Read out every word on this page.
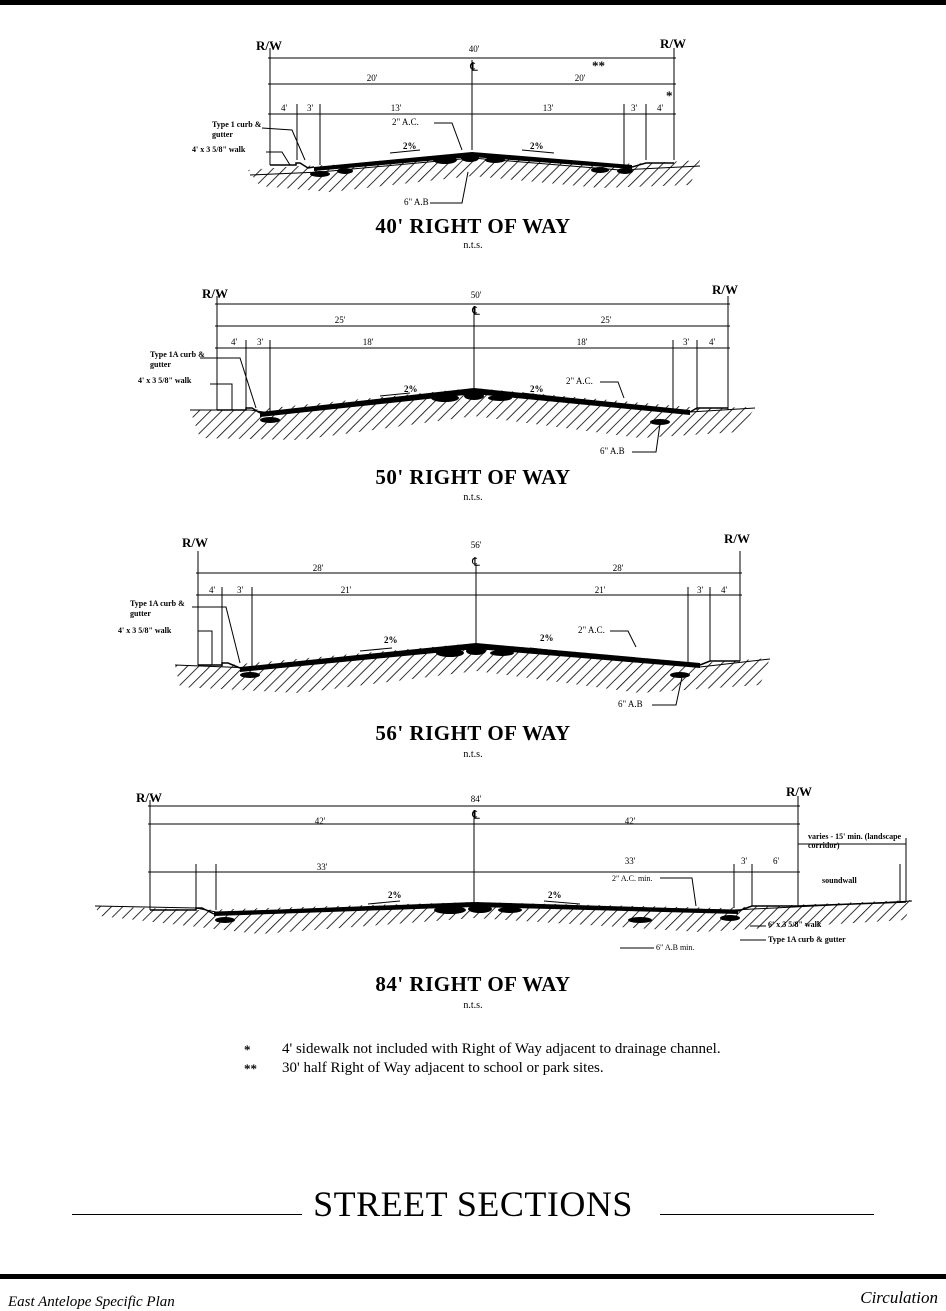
R/W	R/W
40'
20'	20'
℄	**
*
4' 3'	13'	13'	3' 4'
Type 1 curb & gutter
4' x 3 5/8" walk
2" A.C.
6" A.B
2%	2%
40' RIGHT OF WAY
n.t.s.
R/W	R/W
50'
℄
25'	25'
4' 3'	18'	18'	3' 4'
Type 1A curb & gutter
4' x 3 5/8" walk	2" A.C.
6" A.B
2%	2%
50' RIGHT OF WAY
n.t.s.
R/W	R/W
56'
℄
28'	28'
4' 3'	21'	21'	3' 4'
Type 1A curb & gutter
4' x 3 5/8" walk	2" A.C.
6" A.B
2%	2%
56' RIGHT OF WAY
n.t.s.
R/W	R/W
84'
℄
42'	42'
33'
33'	3'	6'
varies - 15' min. (landscape corridor)
soundwall
2" A.C. min.
6" A.B min.
6' x 3 5/8" walk
Type 1A curb & gutter
2%	2%
84' RIGHT OF WAY
n.t.s.
* 4' sidewalk not included with Right of Way adjacent to drainage channel.
** 30' half Right of Way adjacent to school or park sites.
STREET SECTIONS
East Antelope Specific Plan	Circulation
